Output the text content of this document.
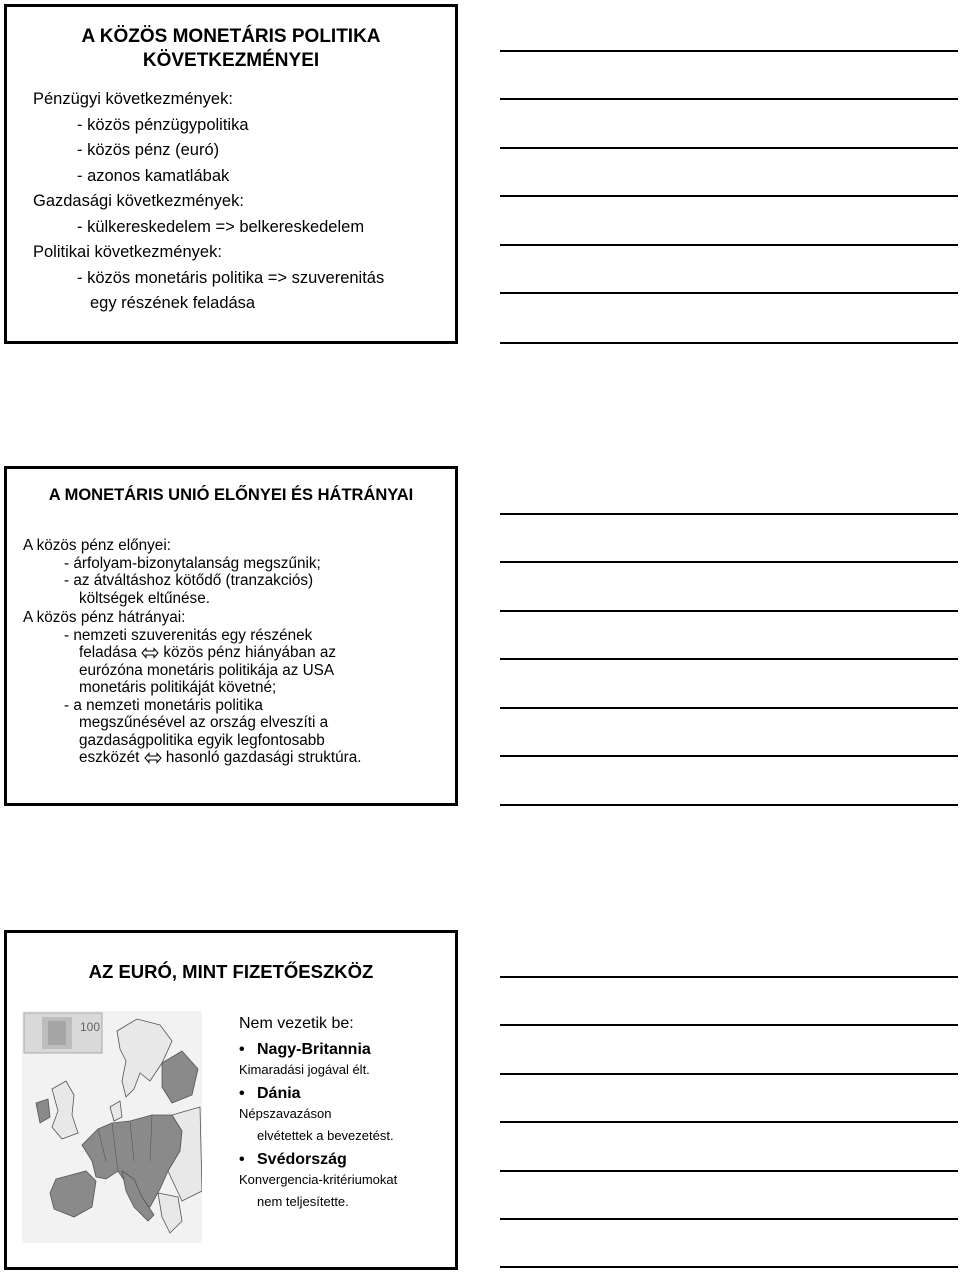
A KÖZÖS MONETÁRIS POLITIKA
KÖVETKEZMÉNYEI
Pénzügyi következmények:
- közös pénzügypolitika
- közös pénz (euró)
- azonos kamatlábak
Gazdasági következmények:
- külkereskedelem => belkereskedelem
Politikai következmények:
- közös monetáris politika => szuverenitás
egy részének feladása
A MONETÁRIS UNIÓ ELŐNYEI ÉS HÁTRÁNYAI
A közös pénz előnyei:
- árfolyam-bizonytalanság megszűnik;
- az átváltáshoz kötődő (tranzakciós)
költségek eltűnése.
A közös pénz hátrányai:
- nemzeti szuverenitás egy részének
feladása közös pénz hiányában az
eurózóna monetáris politikája az USA
monetáris politikáját követné;
- a nemzeti monetáris politika
megszűnésével az ország elveszíti a
gazdaságpolitika egyik legfontosabb
eszközét hasonló gazdasági struktúra.
AZ EURÓ, MINT FIZETŐESZKÖZ
100	Nem vezetik be:
• Nagy-Britannia
Kimaradási jogával élt.
• Dánia
Népszavazáson
elvétettek a bevezetést.
• Svédország
Konvergencia-kritériumokat
nem teljesítette.
